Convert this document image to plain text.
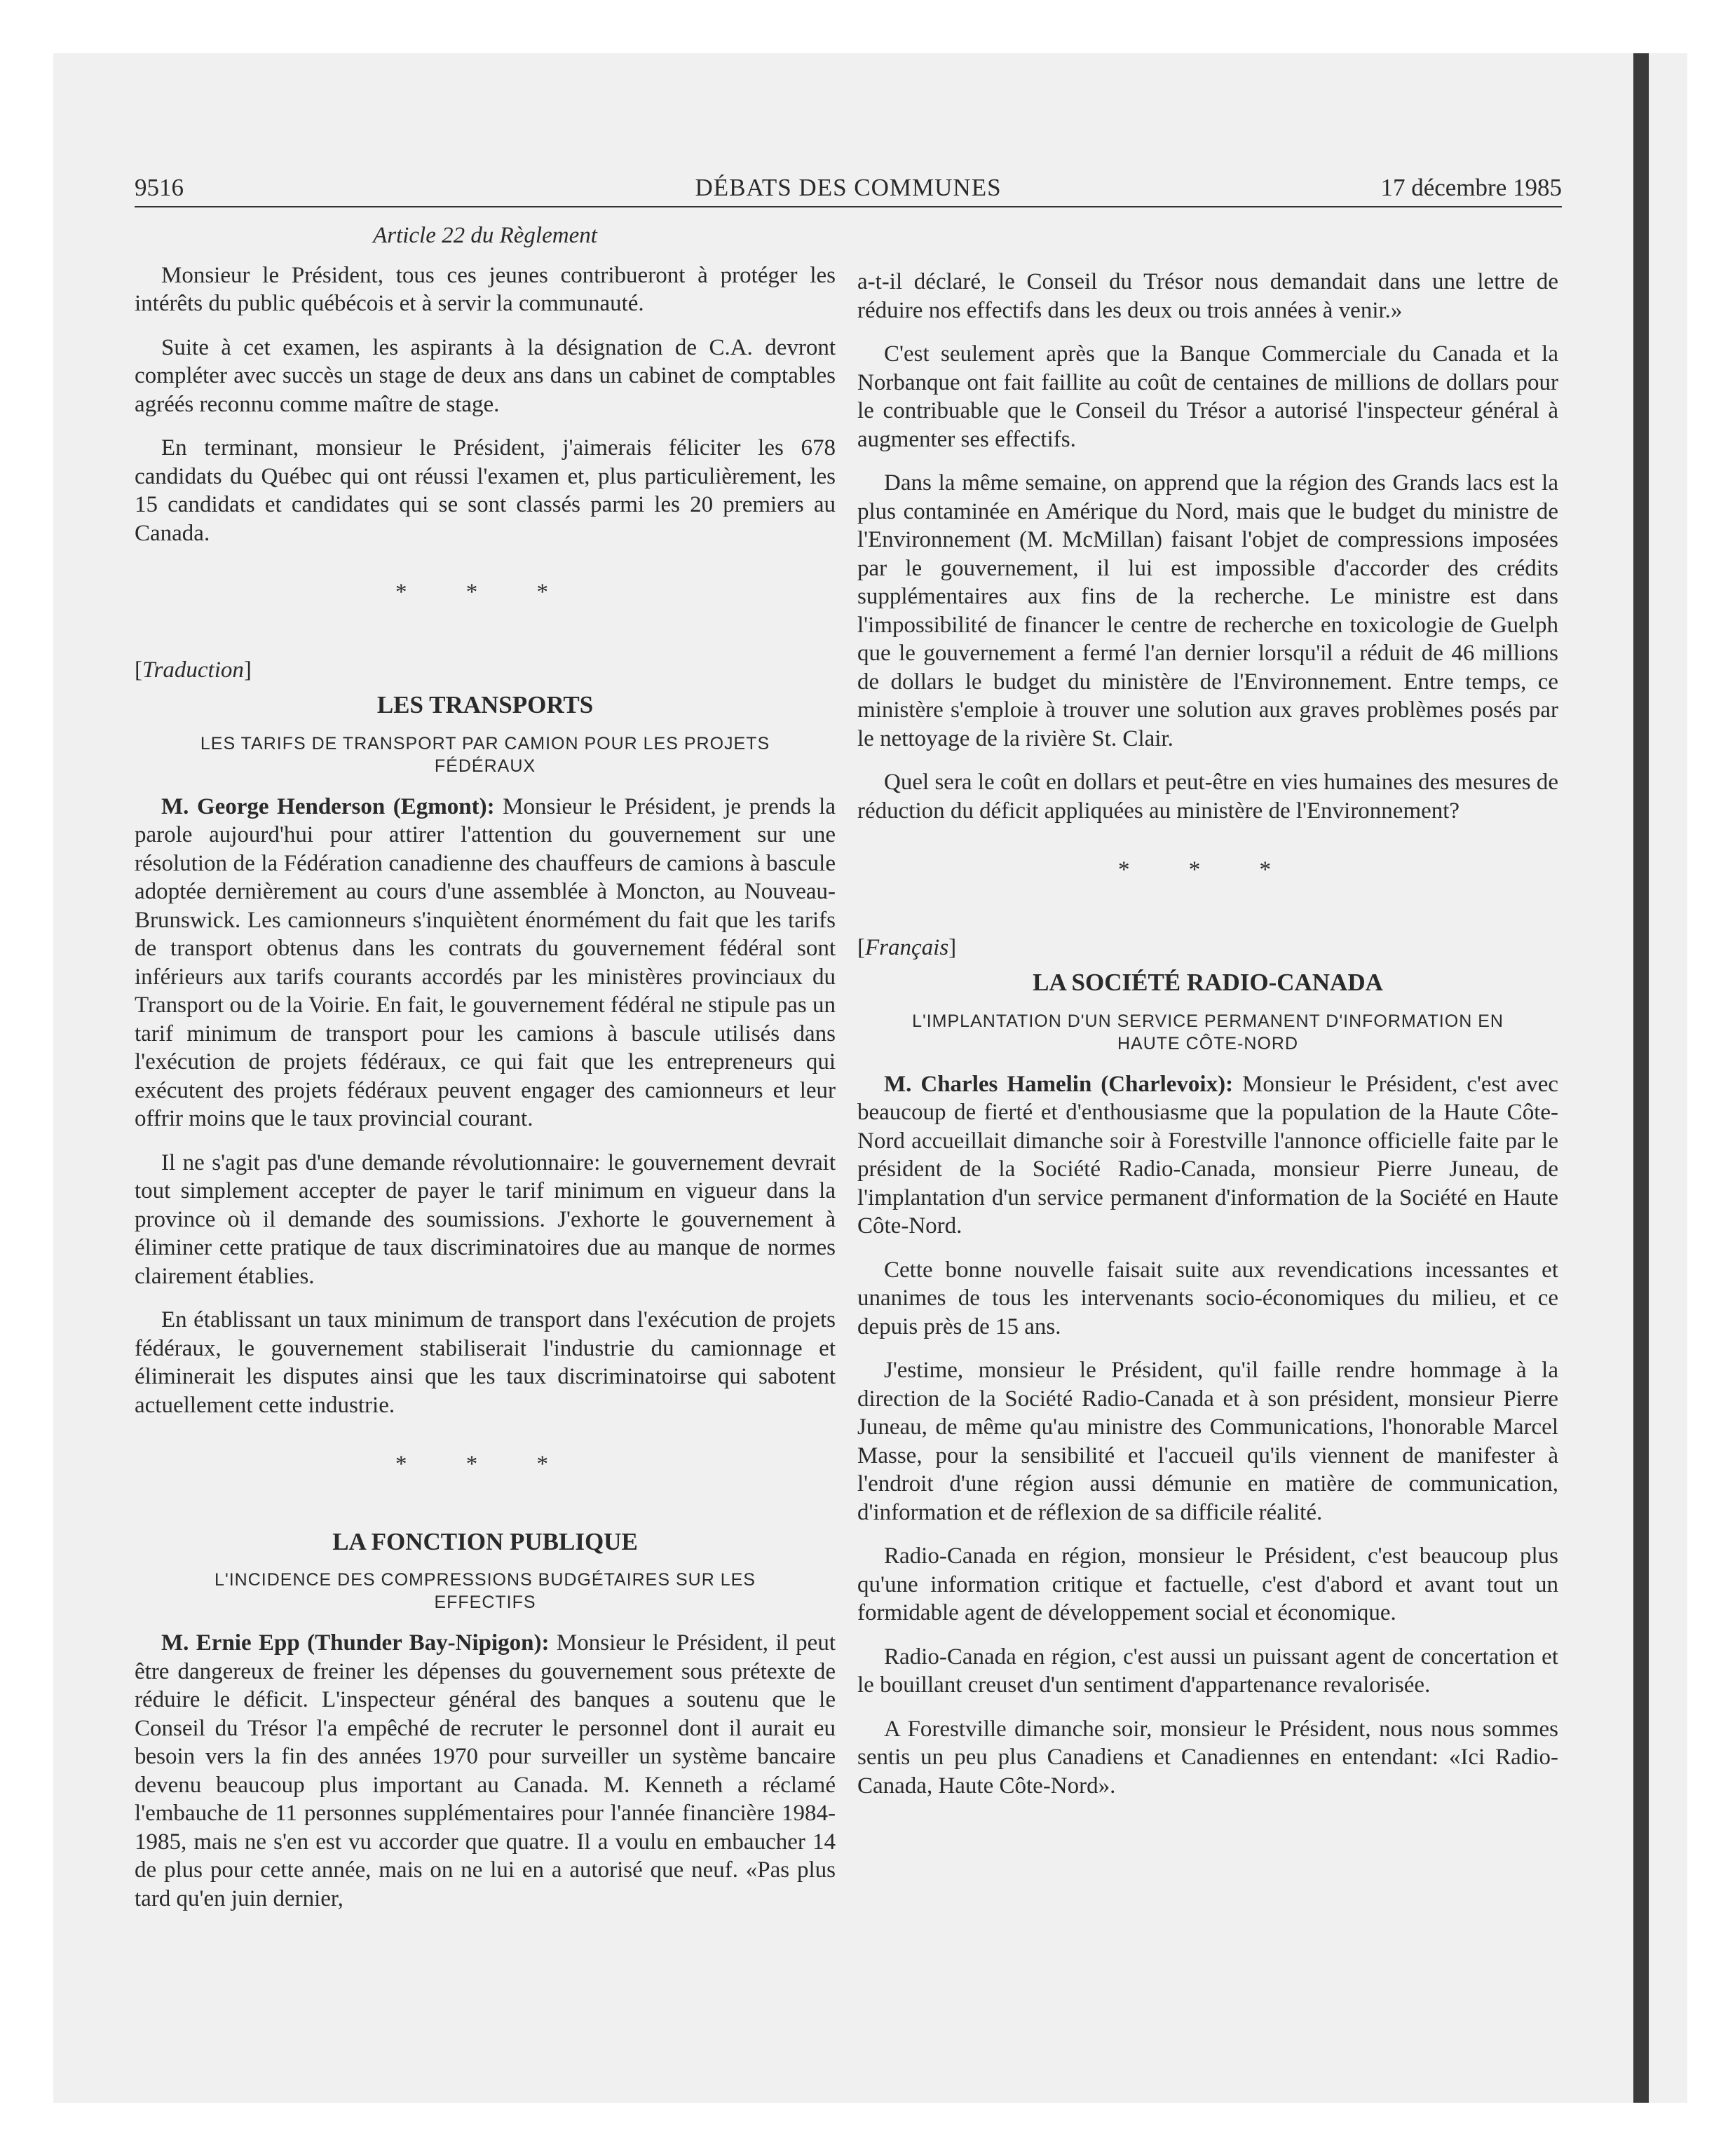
9516	DÉBATS DES COMMUNES	17 décembre 1985
Article 22 du Règlement

Monsieur le Président, tous ces jeunes contribueront à protéger les intérêts du public québécois et à servir la communauté.

Suite à cet examen, les aspirants à la désignation de C.A. devront compléter avec succès un stage de deux ans dans un cabinet de comptables agréés reconnu comme maître de stage.

En terminant, monsieur le Président, j'aimerais féliciter les 678 candidats du Québec qui ont réussi l'examen et, plus particulièrement, les 15 candidats et candidates qui se sont classés parmi les 20 premiers au Canada.

* * *
[Traduction]
LES TRANSPORTS
LES TARIFS DE TRANSPORT PAR CAMION POUR LES PROJETS FÉDÉRAUX

M. George Henderson (Egmont): Monsieur le Président, je prends la parole aujourd'hui pour attirer l'attention du gouvernement sur une résolution de la Fédération canadienne des chauffeurs de camions à bascule adoptée dernièrement au cours d'une assemblée à Moncton, au Nouveau-Brunswick. Les camionneurs s'inquiètent énormément du fait que les tarifs de transport obtenus dans les contrats du gouvernement fédéral sont inférieurs aux tarifs courants accordés par les ministères provinciaux du Transport ou de la Voirie. En fait, le gouvernement fédéral ne stipule pas un tarif minimum de transport pour les camions à bascule utilisés dans l'exécution de projets fédéraux, ce qui fait que les entrepreneurs qui exécutent des projets fédéraux peuvent engager des camionneurs et leur offrir moins que le taux provincial courant.

Il ne s'agit pas d'une demande révolutionnaire: le gouvernement devrait tout simplement accepter de payer le tarif minimum en vigueur dans la province où il demande des soumissions. J'exhorte le gouvernement à éliminer cette pratique de taux discriminatoires due au manque de normes clairement établies.

En établissant un taux minimum de transport dans l'exécution de projets fédéraux, le gouvernement stabiliserait l'industrie du camionnage et éliminerait les disputes ainsi que les taux discriminatoirse qui sabotent actuellement cette industrie.

* * *
LA FONCTION PUBLIQUE
L'INCIDENCE DES COMPRESSIONS BUDGÉTAIRES SUR LES EFFECTIFS

M. Ernie Epp (Thunder Bay-Nipigon): Monsieur le Président, il peut être dangereux de freiner les dépenses du gouvernement sous prétexte de réduire le déficit. L'inspecteur général des banques a soutenu que le Conseil du Trésor l'a empêché de recruter le personnel dont il aurait eu besoin vers la fin des années 1970 pour surveiller un système bancaire devenu beaucoup plus important au Canada. M. Kenneth a réclamé l'embauche de 11 personnes supplémentaires pour l'année financière 1984-1985, mais ne s'en est vu accorder que quatre. Il a voulu en embaucher 14 de plus pour cette année, mais on ne lui en a autorisé que neuf. «Pas plus tard qu'en juin dernier,

a-t-il déclaré, le Conseil du Trésor nous demandait dans une lettre de réduire nos effectifs dans les deux ou trois années à venir.»

C'est seulement après que la Banque Commerciale du Canada et la Norbanque ont fait faillite au coût de centaines de millions de dollars pour le contribuable que le Conseil du Trésor a autorisé l'inspecteur général à augmenter ses effectifs.

Dans la même semaine, on apprend que la région des Grands lacs est la plus contaminée en Amérique du Nord, mais que le budget du ministre de l'Environnement (M. McMillan) faisant l'objet de compressions imposées par le gouvernement, il lui est impossible d'accorder des crédits supplémentaires aux fins de la recherche. Le ministre est dans l'impossibilité de financer le centre de recherche en toxicologie de Guelph que le gouvernement a fermé l'an dernier lorsqu'il a réduit de 46 millions de dollars le budget du ministère de l'Environnement. Entre temps, ce ministère s'emploie à trouver une solution aux graves problèmes posés par le nettoyage de la rivière St. Clair.

Quel sera le coût en dollars et peut-être en vies humaines des mesures de réduction du déficit appliquées au ministère de l'Environnement?

* * *
[Français]
LA SOCIÉTÉ RADIO-CANADA
L'IMPLANTATION D'UN SERVICE PERMANENT D'INFORMATION EN HAUTE CÔTE-NORD

M. Charles Hamelin (Charlevoix): Monsieur le Président, c'est avec beaucoup de fierté et d'enthousiasme que la population de la Haute Côte-Nord accueillait dimanche soir à Forestville l'annonce officielle faite par le président de la Société Radio-Canada, monsieur Pierre Juneau, de l'implantation d'un service permanent d'information de la Société en Haute Côte-Nord.

Cette bonne nouvelle faisait suite aux revendications incessantes et unanimes de tous les intervenants socio-économiques du milieu, et ce depuis près de 15 ans.

J'estime, monsieur le Président, qu'il faille rendre hommage à la direction de la Société Radio-Canada et à son président, monsieur Pierre Juneau, de même qu'au ministre des Communications, l'honorable Marcel Masse, pour la sensibilité et l'accueil qu'ils viennent de manifester à l'endroit d'une région aussi démunie en matière de communication, d'information et de réflexion de sa difficile réalité.

Radio-Canada en région, monsieur le Président, c'est beaucoup plus qu'une information critique et factuelle, c'est d'abord et avant tout un formidable agent de développement social et économique.

Radio-Canada en région, c'est aussi un puissant agent de concertation et le bouillant creuset d'un sentiment d'appartenance revalorisée.

A Forestville dimanche soir, monsieur le Président, nous nous sommes sentis un peu plus Canadiens et Canadiennes en entendant: «Ici Radio-Canada, Haute Côte-Nord».
